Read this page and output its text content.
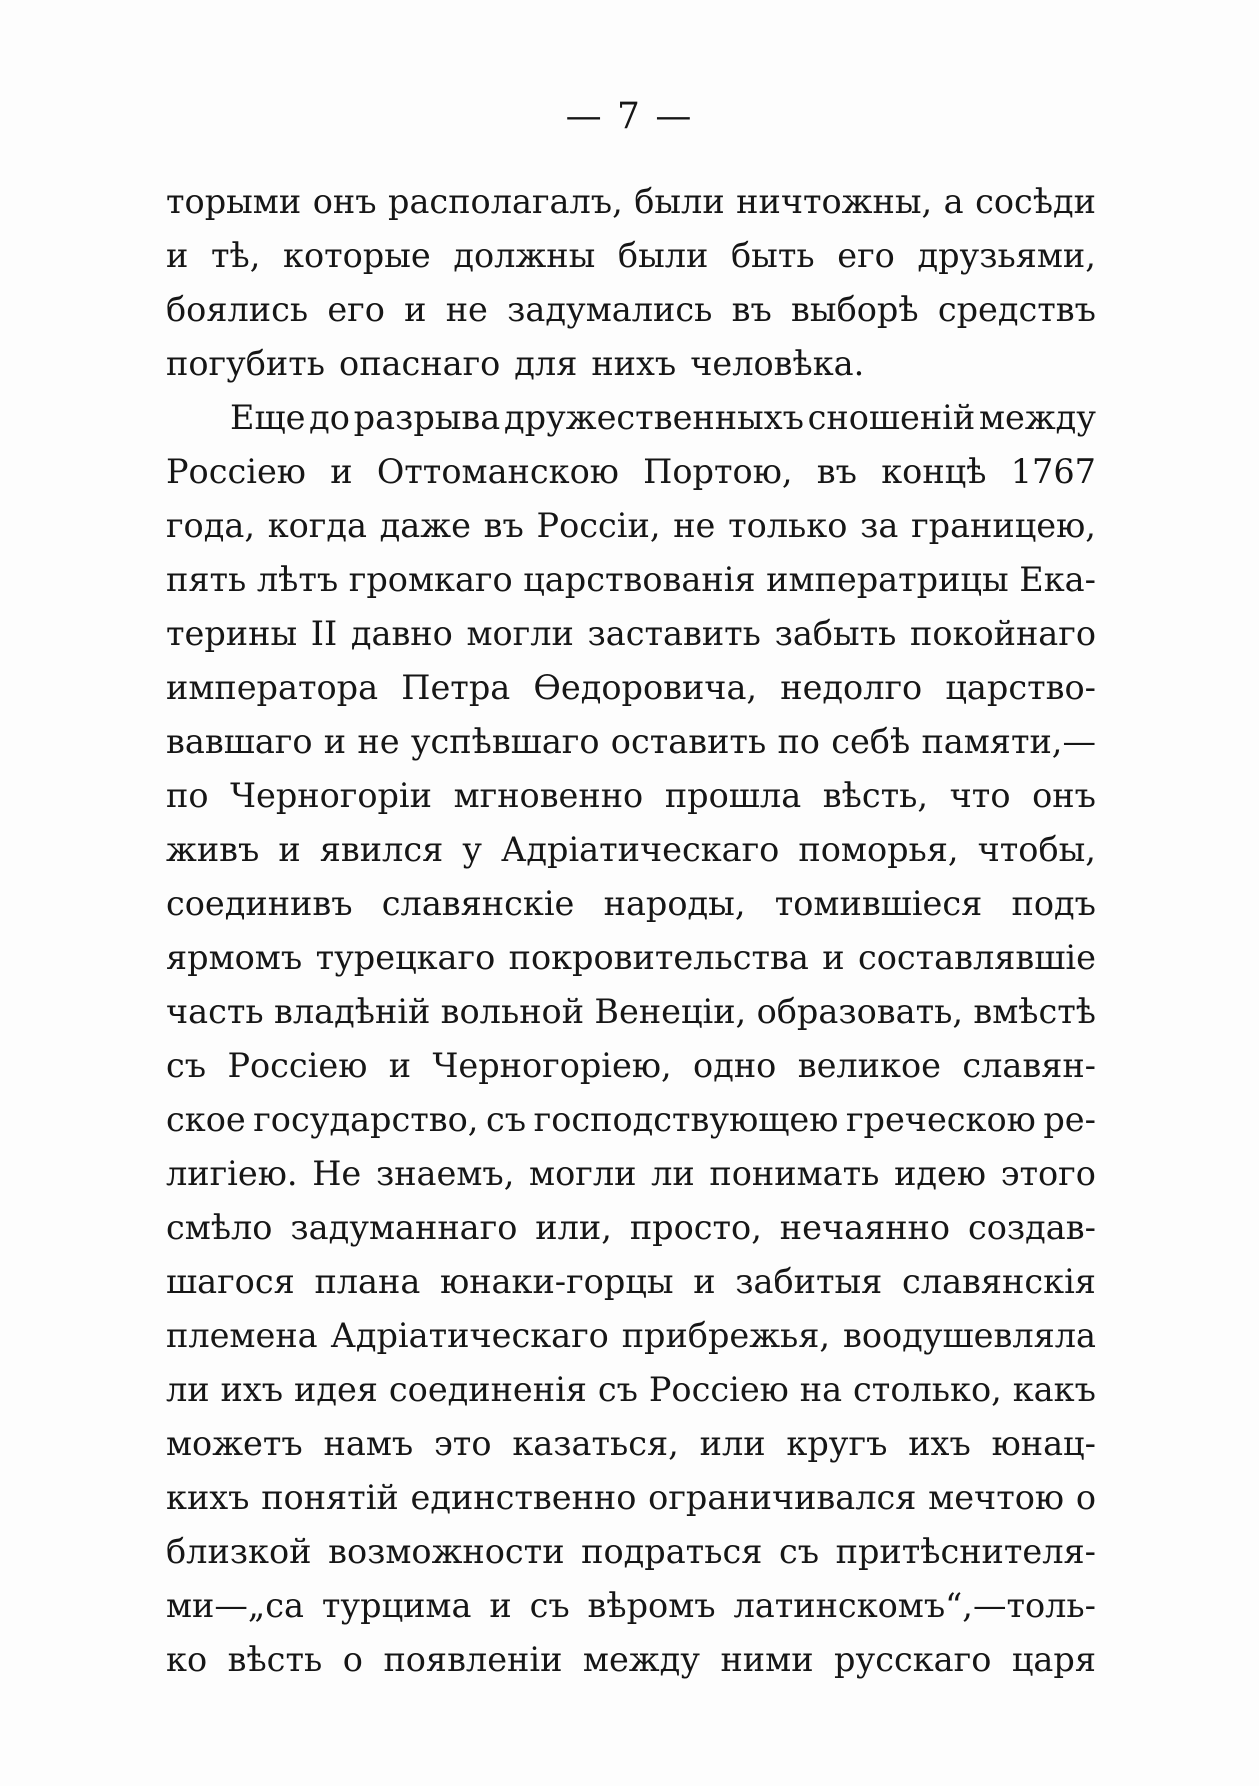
— 7 —
торыми онъ располагалъ, были ничтожны, а сосѣди
и тѣ, которые должны были быть его друзьями,
боялись его и не задумались въ выборѣ средствъ
погубить опаснаго для нихъ человѣка.
Еще до разрыва дружественныхъ сношеній между
Россіею и Оттоманскою Портою, въ концѣ 1767
года, когда даже въ Россіи, не только за границею,
пять лѣтъ громкаго царствованія императрицы Ека-
терины II давно могли заставить забыть покойнаго
императора Петра Ѳедоровича, недолго царство-
вавшаго и не успѣвшаго оставить по себѣ памяти,—
по Черногоріи мгновенно прошла вѣсть, что онъ
живъ и явился у Адріатическаго поморья, чтобы,
соединивъ славянскіе народы, томившіеся подъ
ярмомъ турецкаго покровительства и составлявшіе
часть владѣній вольной Венеціи, образовать, вмѣстѣ
съ Россіею и Черногоріею, одно великое славян-
ское государство, съ господствующею греческою ре-
лигіею. Не знаемъ, могли ли понимать идею этого
смѣло задуманнаго или, просто, нечаянно создав-
шагося плана юнаки-горцы и забитыя славянскія
племена Адріатическаго прибрежья, воодушевляла
ли ихъ идея соединенія съ Россіею на столько, какъ
можетъ намъ это казаться, или кругъ ихъ юнац-
кихъ понятій единственно ограничивался мечтою о
близкой возможности подраться съ притѣснителя-
ми—„са турцима и съ вѣромъ латинскомъ“,—толь-
ко вѣсть о появленіи между ними русскаго царя
